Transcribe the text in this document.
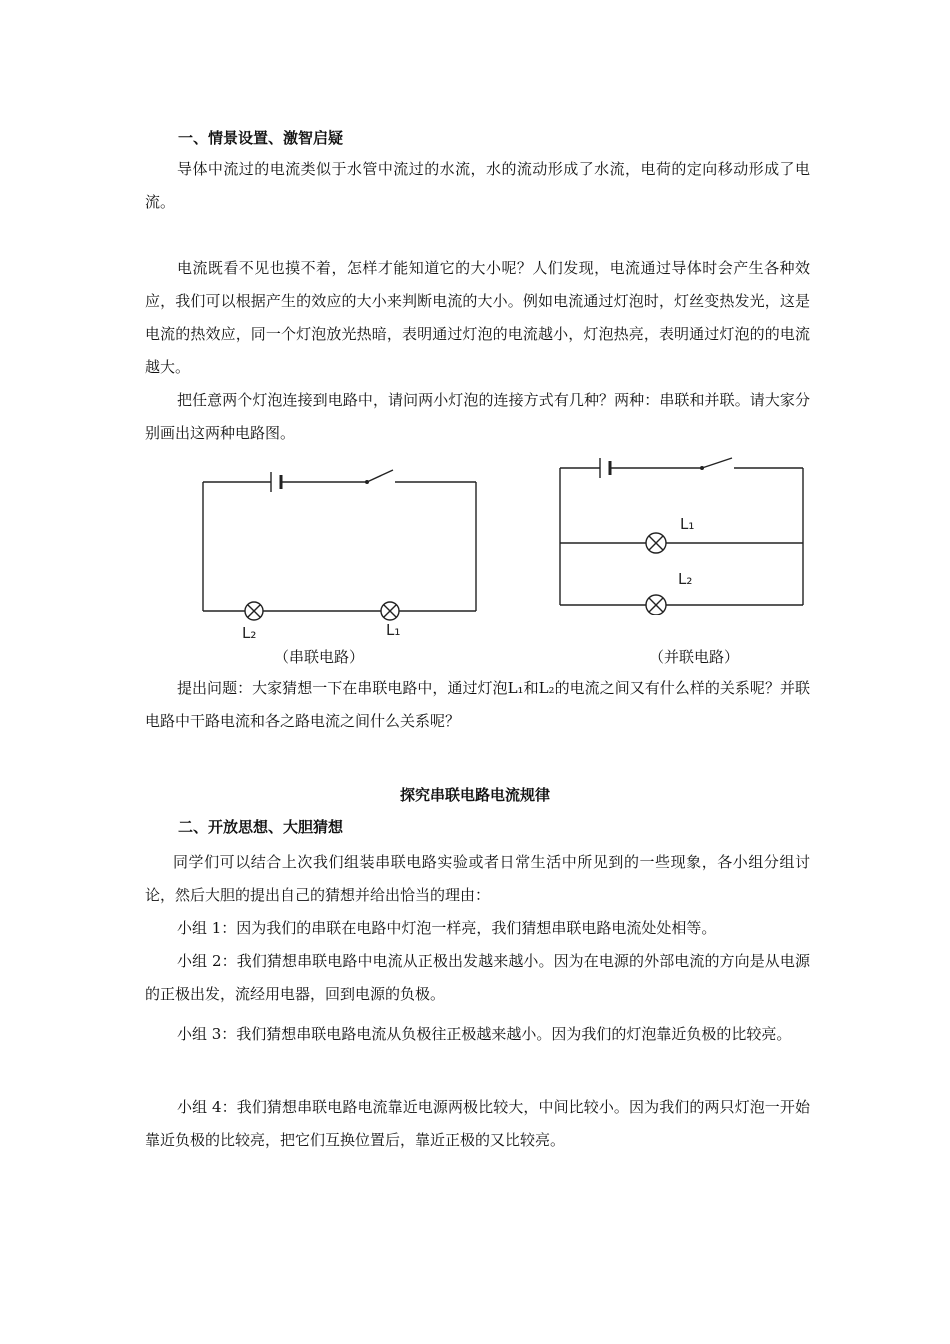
一、情景设置、激智启疑
导体中流过的电流类似于水管中流过的水流，水的流动形成了水流，电荷的定向移动形成了电流。
电流既看不见也摸不着，怎样才能知道它的大小呢？人们发现，电流通过导体时会产生各种效应，我们可以根据产生的效应的大小来判断电流的大小。例如电流通过灯泡时，灯丝变热发光，这是电流的热效应，同一个灯泡放光热暗，表明通过灯泡的电流越小，灯泡热亮，表明通过灯泡的的电流越大。
把任意两个灯泡连接到电路中，请问两小灯泡的连接方式有几种？两种：串联和并联。请大家分别画出这两种电路图。
L₂	L₁
L₁
L₂
（串联电路）	（并联电路）
提出问题：大家猜想一下在串联电路中，通过灯泡L₁和L₂的电流之间又有什么样的关系呢？并联电路中干路电流和各之路电流之间什么关系呢？
探究串联电路电流规律
二、开放思想、大胆猜想
同学们可以结合上次我们组装串联电路实验或者日常生活中所见到的一些现象，各小组分组讨论，然后大胆的提出自己的猜想并给出恰当的理由：
小组 1：因为我们的串联在电路中灯泡一样亮，我们猜想串联电路电流处处相等。
小组 2：我们猜想串联电路中电流从正极出发越来越小。因为在电源的外部电流的方向是从电源的正极出发，流经用电器，回到电源的负极。
小组 3：我们猜想串联电路电流从负极往正极越来越小。因为我们的灯泡靠近负极的比较亮。
小组 4：我们猜想串联电路电流靠近电源两极比较大，中间比较小。因为我们的两只灯泡一开始靠近负极的比较亮，把它们互换位置后，靠近正极的又比较亮。
